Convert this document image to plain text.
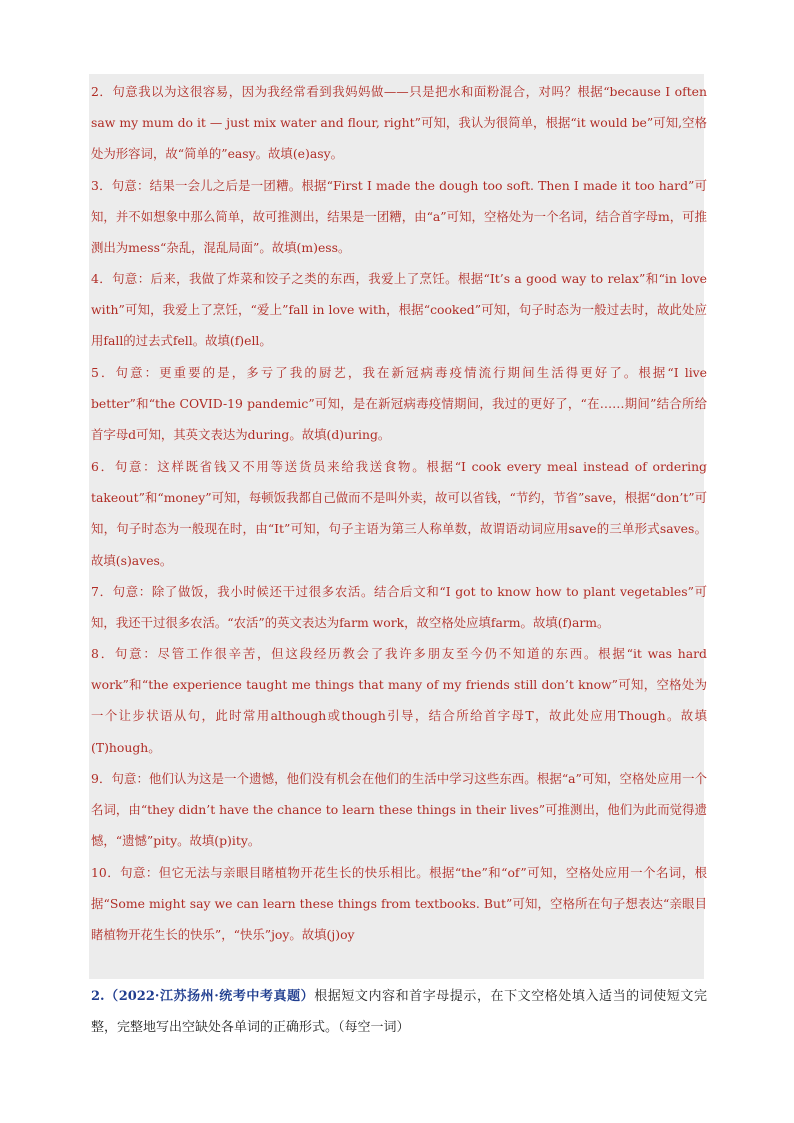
2．句意我以为这很容易，因为我经常看到我妈妈做——只是把水和面粉混合，对吗？根据“because I often saw my mum do it — just mix water and flour, right”可知，我认为很简单，根据“it would be”可知,空格处为形容词，故“简单的”easy。故填(e)asy。
3．句意：结果一会儿之后是一团糟。根据“First I made the dough too soft. Then I made it too hard”可知，并不如想象中那么简单，故可推测出，结果是一团糟，由“a”可知，空格处为一个名词，结合首字母m，可推测出为mess“杂乱，混乱局面”。故填(m)ess。
4．句意：后来，我做了炸菜和饺子之类的东西，我爱上了烹饪。根据“It’s a good way to relax”和“in love with”可知，我爱上了烹饪，“爱上”fall in love with，根据“cooked”可知，句子时态为一般过去时，故此处应用fall的过去式fell。故填(f)ell。
5．句意：更重要的是，多亏了我的厨艺，我在新冠病毒疫情流行期间生活得更好了。根据“I live better”和“the COVID-19 pandemic”可知，是在新冠病毒疫情期间，我过的更好了，“在……期间”结合所给首字母d可知，其英文表达为during。故填(d)uring。
6．句意：这样既省钱又不用等送货员来给我送食物。根据“I cook every meal instead of ordering takeout”和“money”可知，每顿饭我都自己做而不是叫外卖，故可以省钱，“节约，节省”save，根据“don’t”可知，句子时态为一般现在时，由“It”可知，句子主语为第三人称单数，故谓语动词应用save的三单形式saves。故填(s)aves。
7．句意：除了做饭，我小时候还干过很多农活。结合后文和“I got to know how to plant vegetables”可知，我还干过很多农活。“农活”的英文表达为farm work，故空格处应填farm。故填(f)arm。
8．句意：尽管工作很辛苦，但这段经历教会了我许多朋友至今仍不知道的东西。根据“it was hard work”和“the experience taught me things that many of my friends still don’t know”可知，空格处为一个让步状语从句，此时常用although或though引导，结合所给首字母T，故此处应用Though。故填(T)hough。
9．句意：他们认为这是一个遗憾，他们没有机会在他们的生活中学习这些东西。根据“a”可知，空格处应用一个名词，由“they didn’t have the chance to learn these things in their lives”可推测出，他们为此而觉得遗憾，“遗憾”pity。故填(p)ity。
10．句意：但它无法与亲眼目睹植物开花生长的快乐相比。根据“the”和“of”可知，空格处应用一个名词，根据“Some might say we can learn these things from textbooks. But”可知，空格所在句子想表达“亲眼目睹植物开花生长的快乐”，“快乐”joy。故填(j)oy
2.（2022·江苏扬州·统考中考真题）根据短文内容和首字母提示，在下文空格处填入适当的词使短文完整，完整地写出空缺处各单词的正确形式。（每空一词）
